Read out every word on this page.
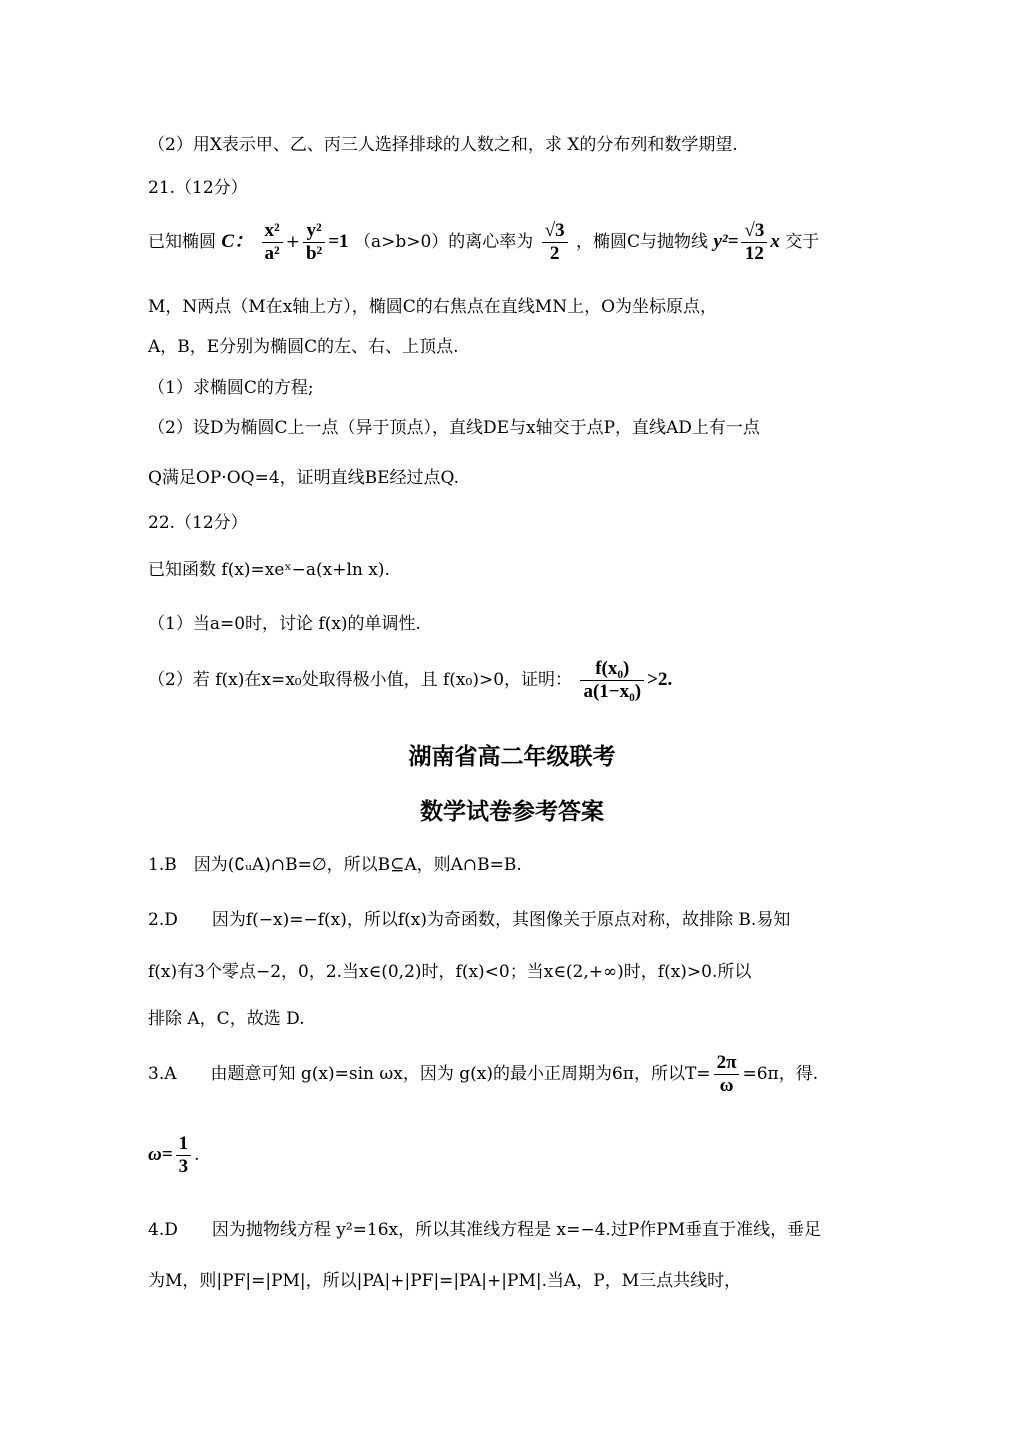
（2）用X表示甲、乙、丙三人选择排球的人数之和，求 X的分布列和数学期望.
21.（12分）
已知椭圆 C： $\frac{\text{x²}}{\text{a²}} + \frac{\text{y²}}{\text{b²}} =1$ （a>b>0）的离心率为 $\frac{√3}{2}$ ，椭圆C与抛物线 $y^2= \frac{√3}{12}$ x 交于
M，N两点（M在x轴上方），椭圆C的右焦点在直线MN上，O为坐标原点，
A，B，E分别为椭圆C的左、右、上顶点.
（1）求椭圆C的方程;
（2）设D为椭圆C上一点（异于顶点），直线DE与x轴交于点P，直线AD上有一点
Q满足OP·OQ=4，证明直线BE经过点Q.
22.（12分）
已知函数 f(x)=xeˣ−a(x+ln x).
（1）当a=0时，讨论 f(x)的单调性.
（2）若 f(x)在x=x₀处取得极小值，且 f(x₀)>0，证明： $\frac{\text{f(x₀)}}{\text{a(1−x₀)}} >2$.
湖南省高二年级联考
数学试卷参考答案
1.B　因为(∁ᵤA)∩B=∅，所以B⊆A，则A∩B=B.
2.D　　因为f(−x)=−f(x)，所以f(x)为奇函数，其图像关于原点对称，故排除 B.易知
f(x)有3个零点−2，0，2.当x∈(0,2)时，f(x)<0；当x∈(2,+∞)时，f(x)>0.所以
排除 A，C，故选 D.
3.A　　由题意可知 g(x)=sin ωx，因为 g(x)的最小正周期为6π，所以$T= \frac{2\pi}{\omega} =6\pi$，得.
$\omega= \frac{1}{3}$ .
4.D　　因为抛物线方程 y²=16x，所以其准线方程是 x=−4.过P作PM垂直于准线，垂足
为M，则|PF|=|PM|，所以|PA|+|PF|=|PA|+|PM|.当A，P，M三点共线时，
